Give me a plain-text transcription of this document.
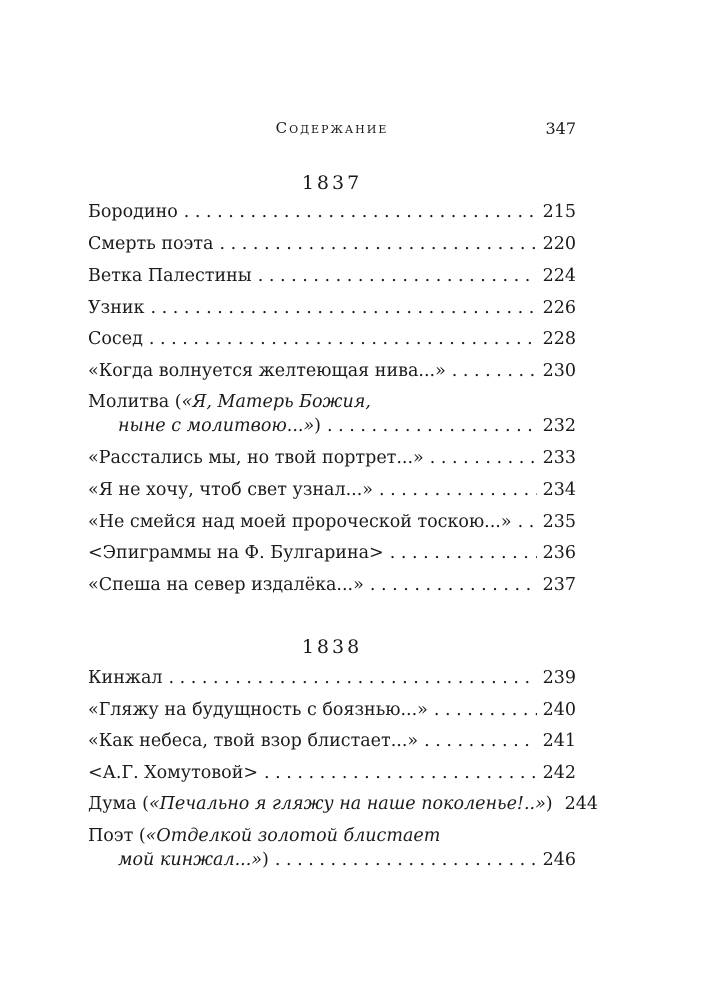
Содержание	347
1837
Бородино . . .	215
Смерть поэта . . .	220
Ветка Палестины . . .	224
Узник . . .	226
Сосед . . .	228
«Когда волнуется желтеющая нива...» . . .	230
Молитва («Я, Матерь Божия,
ныне с молитвою...» ) . . .	232
«Расстались мы, но твой портрет...» . . .	233
«Я не хочу, чтоб свет узнал...» . . .	234
«Не смейся над моей пророческой тоскою...» . . . 235
<Эпиграммы на Ф. Булгарина> . . .	236
«Спеша на север издалёка...» . . .	237
1838
Кинжал . . .	239
«Гляжу на будущность с боязнью...» . . .	240
«Как небеса, твой взор блистает...» . . .	241
<А.Г. Хомутовой> . . .	242
Дума ( «Печально я гляжу на наше поколенье!..» ) 244
Поэт («Отделкой золотой блистает
мой кинжал...» ) . . .	246
